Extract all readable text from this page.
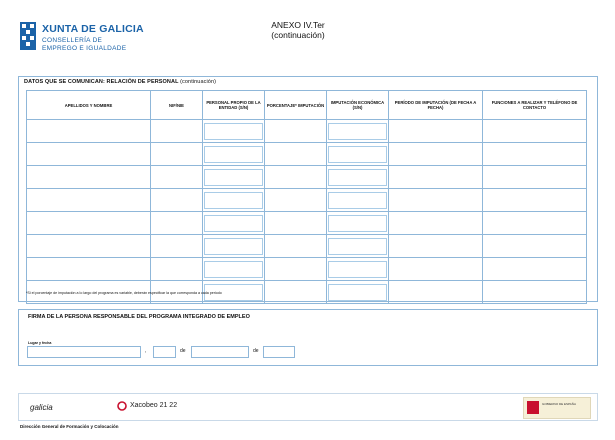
XUNTA DE GALICIA
CONSELLERÍA DE
EMPREGO E IGUALDADE
ANEXO IV.Ter
(continuación)
DATOS QUE SE COMUNICAN: RELACIÓN DE PERSONAL (continuación)
APELLIDOS Y NOMBRE	NIF/NIE	PERSONAL PROPIO DE LA ENTIDAD (S/N)	PORCENTAJE* IMPUTACIÓN	IMPUTACIÓN ECONÓMICA (S/N)	PERÍODO DE IMPUTACIÓN (DE FECHA A FECHA)	FUNCIONES A REALIZAR Y TELÉFONO DE CONTACTO

*Si el porcentaje de imputación a lo largo del programa es variable, deberán especificar la que corresponda a cada periodo
FIRMA DE LA PERSONA RESPONSABLE DEL PROGRAMA INTEGRADO DE EMPLEO
Lugar y fecha
,	de	de
galicia	Xacobeo 21 22	GOBIERNO DE ESPAÑA
Dirección General de Formación y Colocación
